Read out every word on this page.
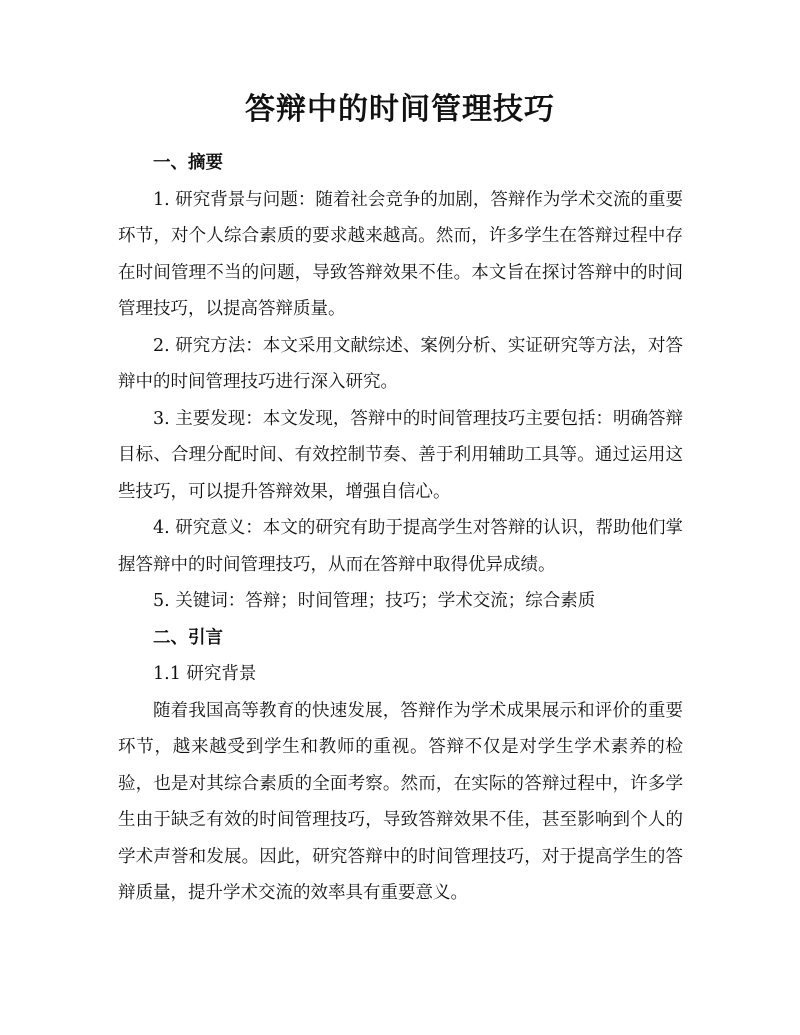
答辩中的时间管理技巧

一、摘要

1. 研究背景与问题：随着社会竞争的加剧，答辩作为学术交流的重要环节，对个人综合素质的要求越来越高。然而，许多学生在答辩过程中存在时间管理不当的问题，导致答辩效果不佳。本文旨在探讨答辩中的时间管理技巧，以提高答辩质量。

2. 研究方法：本文采用文献综述、案例分析、实证研究等方法，对答辩中的时间管理技巧进行深入研究。

3. 主要发现：本文发现，答辩中的时间管理技巧主要包括：明确答辩目标、合理分配时间、有效控制节奏、善于利用辅助工具等。通过运用这些技巧，可以提升答辩效果，增强自信心。

4. 研究意义：本文的研究有助于提高学生对答辩的认识，帮助他们掌握答辩中的时间管理技巧，从而在答辩中取得优异成绩。

5. 关键词：答辩；时间管理；技巧；学术交流；综合素质

二、引言

1.1 研究背景

随着我国高等教育的快速发展，答辩作为学术成果展示和评价的重要环节，越来越受到学生和教师的重视。答辩不仅是对学生学术素养的检验，也是对其综合素质的全面考察。然而，在实际的答辩过程中，许多学生由于缺乏有效的时间管理技巧，导致答辩效果不佳，甚至影响到个人的学术声誉和发展。因此，研究答辩中的时间管理技巧，对于提高学生的答辩质量，提升学术交流的效率具有重要意义。
